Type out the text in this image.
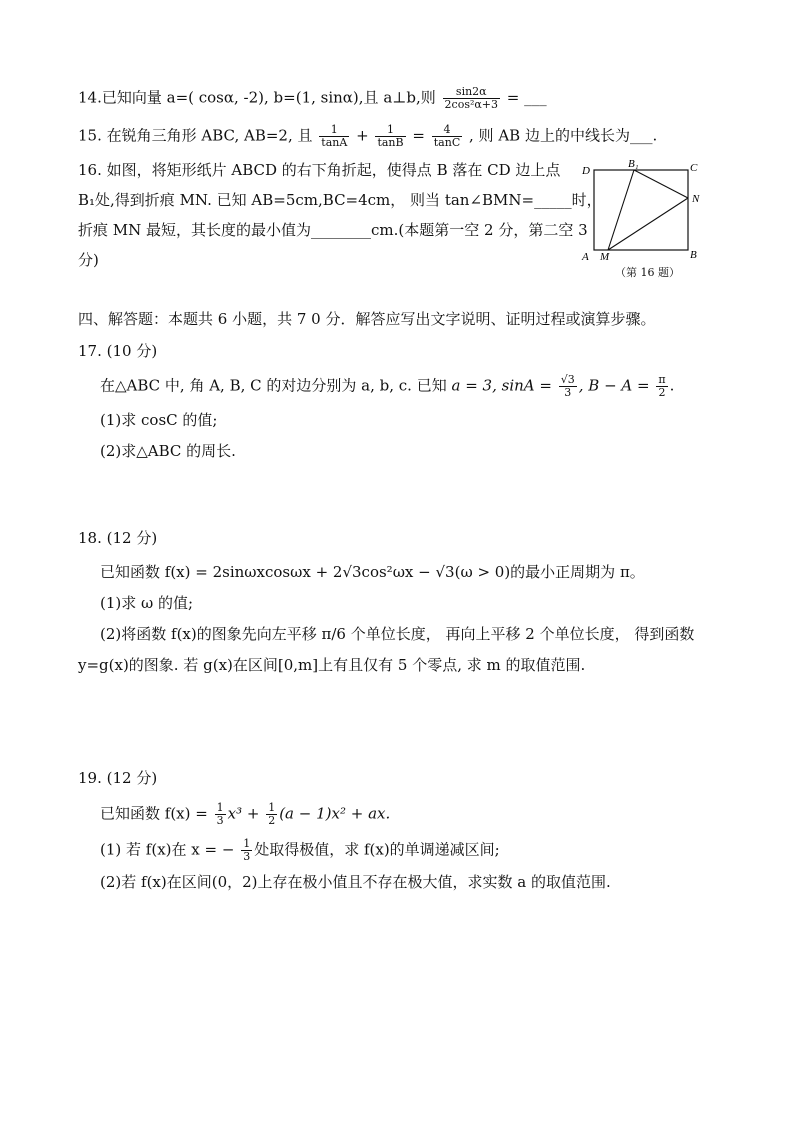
14.已知向量 a=( cosα, -2), b=(1, sinα),且 a⊥b,则 $\frac{\sin 2\alpha}{\text{2cos²α+3}}$ = ___
15. 在锐角三角形 ABC, AB=2, 且 $\frac{1}{\tan A} + \frac{1}{\tan B} = \frac{4}{\tan C}$ , 则 AB 边上的中线长为___.
16. 如图，将矩形纸片 ABCD 的右下角折起，使得点 B 落在 CD 边上点
B₁处,得到折痕 MN. 已知 AB=5cm,BC=4cm， 则当 tan∠BMN=_____时，
折痕 MN 最短，其长度的最小值为________cm.(本题第一空 2 分，第二空 3
分)
D
B₁	C
N
A M	B
（第 16 题）
四、解答题：本题共 6 小题，共 7 0 分．解答应写出文字说明、证明过程或演算步骤。
17. (10 分)
在△ABC 中, 角 A, B, C 的对边分别为 a, b, c. 已知 a = 3, $\sin A = \frac{√3}{3}$ , $B - A = \frac{\pi}{2}$ .
(1)求 cosC 的值;
(2)求△ABC 的周长.
18. (12 分)
已知函数 f(x) = 2sinωxcosωx + 2√3cos²ωx − √3(ω > 0)的最小正周期为 π。
(1)求 ω 的值;
(2)将函数 f(x)的图象先向左平移 π/6 个单位长度， 再向上平移 2 个单位长度， 得到函数
y=g(x)的图象. 若 g(x)在区间[0,m]上有且仅有 5 个零点, 求 m 的取值范围.
19. (12 分)
已知函数 $f(x) = \frac{1}{3} x^3 + \frac{1}{2} (a - 1)x^2$ + ax.
(1) 若 f(x)在 x = − $\frac{1}{3}$ 处取得极值，求 f(x)的单调递减区间;
(2)若 f(x)在区间(0，2)上存在极小值且不存在极大值，求实数 a 的取值范围.
